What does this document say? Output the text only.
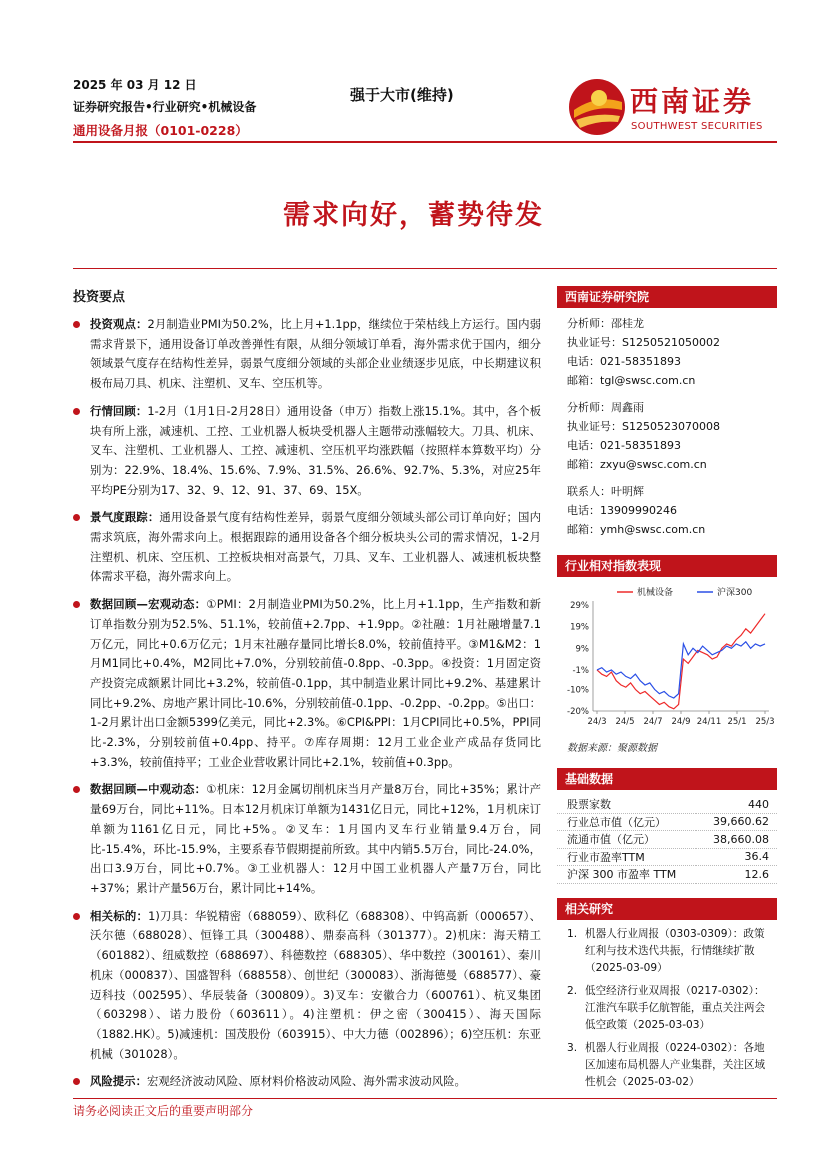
2025 年 03 月 12 日
证券研究报告•行业研究•机械设备
通用设备月报（0101-0228）
强于大市(维持)	西南证券
SOUTHWEST SECURITIES
需求向好，蓄势待发
投资要点
投资观点：2月制造业PMI为50.2%，比上月+1.1pp，继续位于荣枯线上方运行。国内弱需求背景下，通用设备订单改善弹性有限，从细分领域订单看，海外需求优于国内，细分领域景气度存在结构性差异，弱景气度细分领域的头部企业业绩逐步见底，中长期建议积极布局刀具、机床、注塑机、叉车、空压机等。
行情回顾：1-2月（1月1日-2月28日）通用设备（申万）指数上涨15.1%。其中，各个板块有所上涨，减速机、工控、工业机器人板块受机器人主题带动涨幅较大。刀具、机床、叉车、注塑机、工业机器人、工控、减速机、空压机平均涨跌幅（按照样本算数平均）分别为：22.9%、18.4%、15.6%、7.9%、31.5%、26.6%、92.7%、5.3%，对应25年平均PE分别为17、32、9、12、91、37、69、15X。
景气度跟踪：通用设备景气度有结构性差异，弱景气度细分领域头部公司订单向好；国内需求筑底，海外需求向上。根据跟踪的通用设备各个细分板块头公司的需求情况，1-2月注塑机、机床、空压机、工控板块相对高景气，刀具、叉车、工业机器人、减速机板块整体需求平稳，海外需求向上。
数据回顾—宏观动态：①PMI：2月制造业PMI为50.2%，比上月+1.1pp，生产指数和新订单指数分别为52.5%、51.1%，较前值+2.7pp、+1.9pp。②社融：1月社融增量7.1万亿元，同比+0.6万亿元；1月末社融存量同比增长8.0%，较前值持平。③M1&M2：1月M1同比+0.4%，M2同比+7.0%，分别较前值-0.8pp、-0.3pp。④投资：1月固定资产投资完成额累计同比+3.2%，较前值-0.1pp，其中制造业累计同比+9.2%、基建累计同比+9.2%、房地产累计同比-10.6%，分别较前值-0.1pp、-0.2pp、-0.2pp。⑤出口：1-2月累计出口金额5399亿美元，同比+2.3%。⑥CPI&PPI：1月CPI同比+0.5%，PPI同比-2.3%，分别较前值+0.4pp、持平。⑦库存周期：12月工业企业产成品存货同比+3.3%，较前值持平；工业企业营收累计同比+2.1%，较前值+0.3pp。
数据回顾—中观动态：①机床：12月金属切削机床当月产量8万台，同比+35%；累计产量69万台，同比+11%。日本12月机床订单额为1431亿日元，同比+12%，1月机床订单额为1161亿日元，同比+5%。②叉车：1月国内叉车行业销量9.4万台，同比-15.4%，环比-15.9%，主要系春节假期提前所致。其中内销5.5万台，同比-24.0%，出口3.9万台，同比+0.7%。③工业机器人：12月中国工业机器人产量7万台，同比+37%；累计产量56万台，累计同比+14%。
相关标的：1)刀具：华锐精密（688059）、欧科亿（688308）、中钨高新（000657）、沃尔德（688028）、恒锋工具（300488）、鼎泰高科（301377）。2)机床：海天精工（601882）、纽威数控（688697）、科德数控（688305）、华中数控（300161）、秦川机床（000837）、国盛智科（688558）、创世纪（300083）、浙海德曼（688577）、豪迈科技（002595）、华辰装备（300809）。3)叉车：安徽合力（600761）、杭叉集团（603298）、诺力股份（603611）。4)注塑机：伊之密（300415）、海天国际（1882.HK）。5)减速机：国茂股份（603915）、中大力德（002896）；6)空压机：东亚机械（301028）。
风险提示：宏观经济波动风险、原材料价格波动风险、海外需求波动风险。
西南证券研究院
分析师：邵桂龙
执业证号：S1250521050002
电话：021-58351893
邮箱：tgl@swsc.com.cn
分析师：周鑫雨
执业证号：S1250523070008
电话：021-58351893
邮箱：zxyu@swsc.com.cn
联系人：叶明辉
电话：13909990246
邮箱：ymh@swsc.com.cn
行业相对指数表现
机械设备	沪深300
29%
19%
9%
-1%
-10%
-20%
24/3 24/5 24/7 24/9 24/11 25/1 25/3
数据来源：聚源数据
基础数据
股票家数	440
行业总市值（亿元）	39,660.62
流通市值（亿元）	38,660.08
行业市盈率TTM	36.4
沪深 300 市盈率 TTM	12.6
相关研究
1. 机器人行业周报（0303-0309）：政策红利与技术迭代共振，行情继续扩散（2025-03-09）
2. 低空经济行业双周报（0217-0302）：江淮汽车联手亿航智能，重点关注两会低空政策（2025-03-03）
3. 机器人行业周报（0224-0302）：各地区加速布局机器人产业集群，关注区域性机会（2025-03-02）
请务必阅读正文后的重要声明部分
